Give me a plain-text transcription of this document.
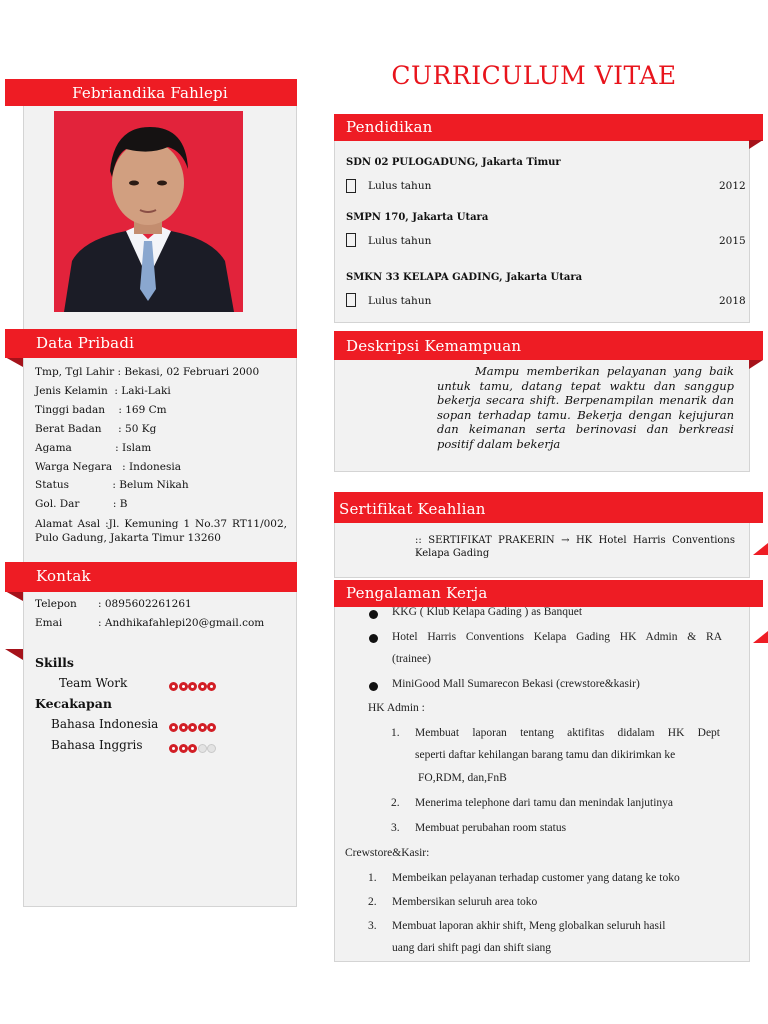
Febriandika Fahlepi
Data Pribadi
Tmp, Tgl Lahir : Bekasi, 02 Februari 2000
Jenis Kelamin  : Laki-Laki
Tinggi badan    : 169 Cm
Berat Badan     : 50 Kg
Agama             : Islam
Warga Negara   : Indonesia
Status             : Belum Nikah
Gol. Dar          : B
Alamat Asal :Jl. Kemuning 1 No.37 RT11/002, Pulo Gadung, Jakarta Timur 13260
Kontak
Telepon : 0895602261261
Emai	: Andhikafahlepi20@gmail.com
Skills
Team Work
Kecakapan
Bahasa Indonesia
Bahasa Inggris
CURRICULUM VITAE
Pendidikan
SDN 02 PULOGADUNG, Jakarta Timur
Lulus tahun	2012
SMPN 170, Jakarta Utara
Lulus tahun	2015
SMKN 33 KELAPA GADING, Jakarta Utara
Lulus tahun	2018
Deskripsi Kemampuan
Mampu memberikan pelayanan yang baik untuk tamu, datang tepat waktu dan sanggup bekerja secara shift. Berpenampilan menarik dan sopan terhadap tamu. Bekerja dengan kejujuran dan keimanan serta berinovasi dan berkreasi positif dalam bekerja
Sertifikat Keahlian
:: SERTIFIKAT PRAKERIN → HK Hotel Harris Conventions Kelapa Gading
Pengalaman Kerja
KKG ( Klub Kelapa Gading ) as Banquet
Hotel Harris Conventions Kelapa Gading HK Admin & RA
(trainee)
MiniGood Mall Sumarecon Bekasi (crewstore&kasir)
HK Admin :
1. Membuat laporan tentang aktifitas didalam HK Dept
seperti daftar kehilangan barang tamu dan dikirimkan ke
FO,RDM, dan,FnB
2. Menerima telephone dari tamu dan menindak lanjutinya
3. Membuat perubahan room status
Crewstore&Kasir:
1. Membeikan pelayanan terhadap customer yang datang ke toko
2. Membersikan seluruh area toko
3. Membuat laporan akhir shift, Meng globalkan seluruh hasil
uang dari shift pagi dan shift siang
